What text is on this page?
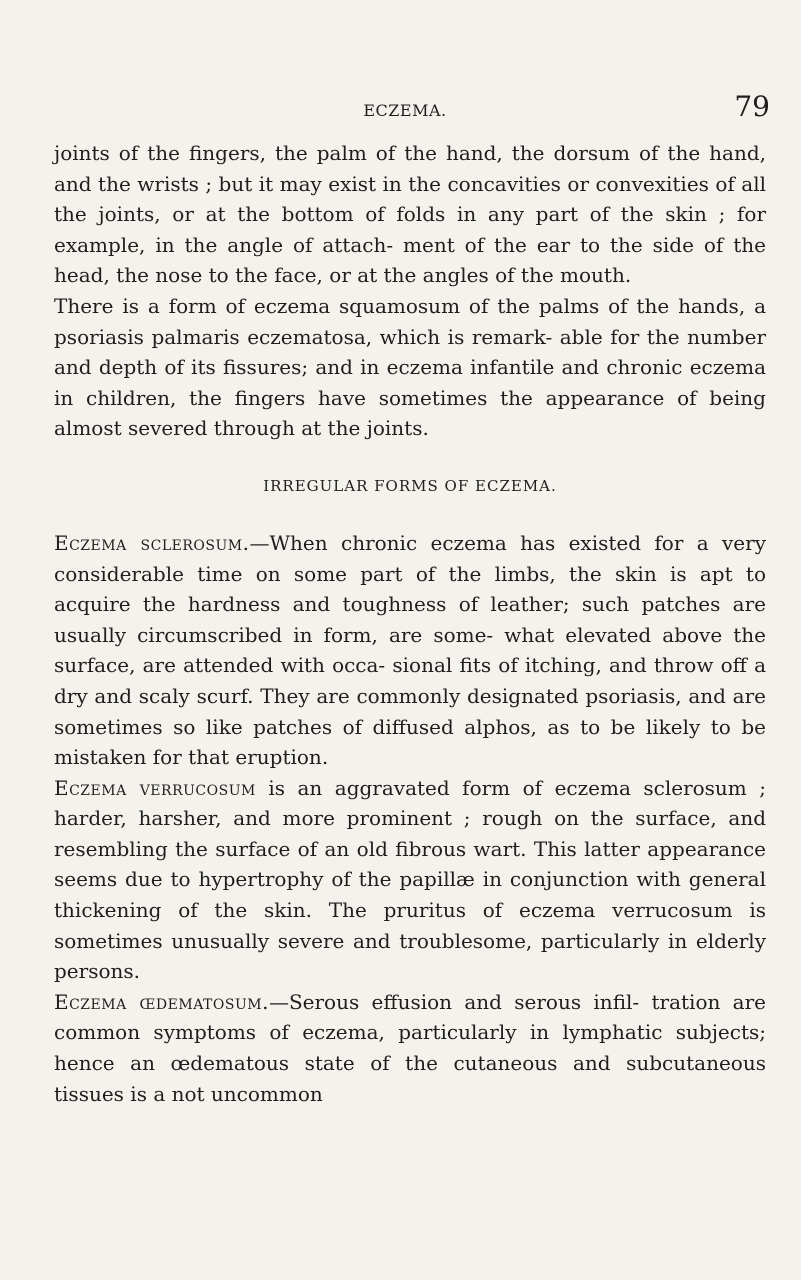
ECZEMA.	79

joints of the fingers, the palm of the hand, the dorsum of the hand, and the wrists ; but it may exist in the concavities or convexities of all the joints, or at the bottom of folds in any part of the skin ; for example, in the angle of attach- ment of the ear to the side of the head, the nose to the face, or at the angles of the mouth.

There is a form of eczema squamosum of the palms of the hands, a psoriasis palmaris eczematosa, which is remark- able for the number and depth of its fissures; and in eczema infantile and chronic eczema in children, the fingers have sometimes the appearance of being almost severed through at the joints.

IRREGULAR FORMS OF ECZEMA.

Eczema sclerosum.—When chronic eczema has existed for a very considerable time on some part of the limbs, the skin is apt to acquire the hardness and toughness of leather; such patches are usually circumscribed in form, are some- what elevated above the surface, are attended with occa- sional fits of itching, and throw off a dry and scaly scurf. They are commonly designated psoriasis, and are sometimes so like patches of diffused alphos, as to be likely to be mistaken for that eruption.

Eczema verrucosum is an aggravated form of eczema sclerosum ; harder, harsher, and more prominent ; rough on the surface, and resembling the surface of an old fibrous wart. This latter appearance seems due to hypertrophy of the papillæ in conjunction with general thickening of the skin. The pruritus of eczema verrucosum is sometimes unusually severe and troublesome, particularly in elderly persons.

Eczema œdematosum.—Serous effusion and serous infil- tration are common symptoms of eczema, particularly in lymphatic subjects; hence an œdematous state of the cutaneous and subcutaneous tissues is a not uncommon
